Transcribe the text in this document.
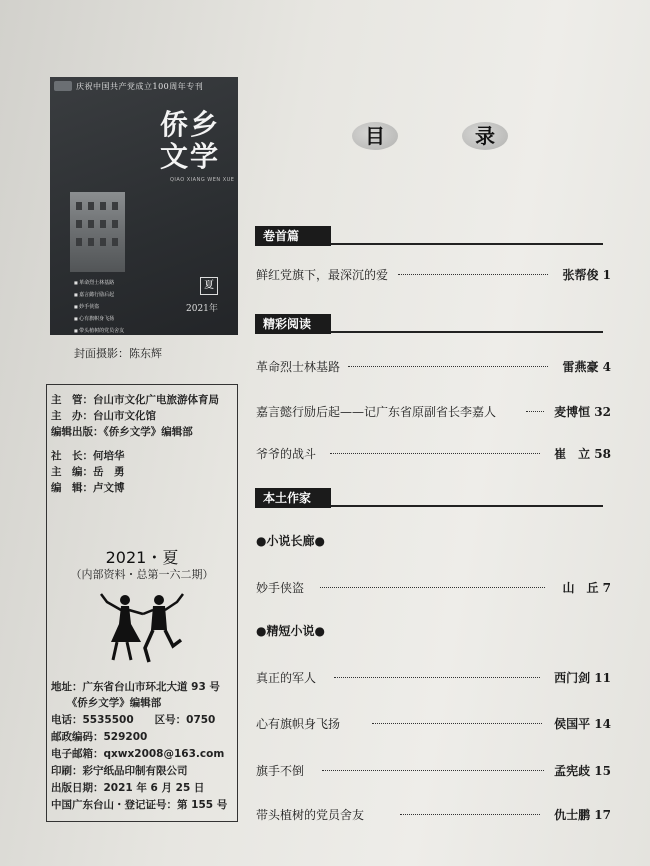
庆祝中国共产党成立100周年专刊
侨乡
文学
QIAO XIANG WEN XUE
■ 革命烈士林基路
■ 嘉言懿行励后起
■ 妙手侠盗
■ 心有旗帜身飞扬
■ 带头植树的党员舍友
夏
2021年
封面摄影：陈东辉
主　管：台山市文化广电旅游体育局
主　办：台山市文化馆
编辑出版：《侨乡文学》编辑部
社　长：何培华
主　编：岳　勇
编　辑：卢文博
2021・夏
（内部资料・总第一六二期）
地址：广东省台山市环北大道 93 号
　　《侨乡文学》编辑部
电话：5535500　　区号：0750
邮政编码：529200
电子邮箱：qxwx2008@163.com
印刷：彩宁纸品印制有限公司
出版日期：2021 年 6 月 25 日
中国广东台山・登记证号：第 155 号
目	录
卷首篇
鲜红党旗下，最深沉的爱	张帮俊 1
精彩阅读
革命烈士林基路	雷燕豪 4
嘉言懿行励后起——记广东省原副省长李嘉人	麦博恒 32
爷爷的战斗	崔　立 58
本土作家
●小说长廊●
妙手侠盗	山　丘 7
●精短小说●
真正的军人	西门剑 11
心有旗帜身飞扬	侯国平 14
旗手不倒	孟宪歧 15
带头植树的党员舍友	仇士鹏 17
